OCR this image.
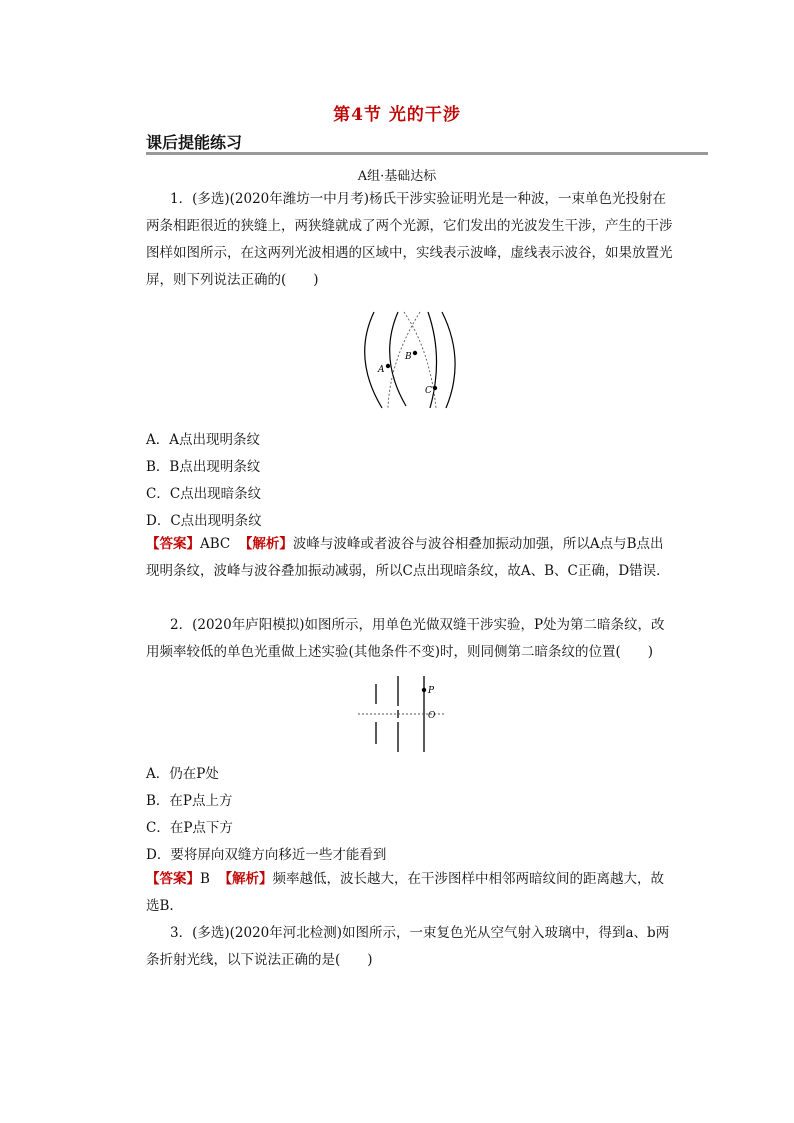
第4节 光的干涉
课后提能练习
A组·基础达标
1．(多选)(2020年潍坊一中月考)杨氏干涉实验证明光是一种波，一束单色光投射在两条相距很近的狭缝上，两狭缝就成了两个光源，它们发出的光波发生干涉，产生的干涉图样如图所示，在这两列光波相遇的区域中，实线表示波峰，虚线表示波谷，如果放置光屏，则下列说法正确的(　　)
A
B
C
A．A点出现明条纹
B．B点出现明条纹
C．C点出现暗条纹
D．C点出现明条纹
【答案】ABC 【解析】波峰与波峰或者波谷与波谷相叠加振动加强，所以A点与B点出现明条纹，波峰与波谷叠加振动减弱，所以C点出现暗条纹，故A、B、C正确，D错误．
2．(2020年庐阳模拟)如图所示，用单色光做双缝干涉实验，P处为第二暗条纹，改用频率较低的单色光重做上述实验(其他条件不变)时，则同侧第二暗条纹的位置(　　)
P
O
A．仍在P处
B．在P点上方
C．在P点下方
D．要将屏向双缝方向移近一些才能看到
【答案】B 【解析】频率越低，波长越大，在干涉图样中相邻两暗纹间的距离越大，故选B.
3．(多选)(2020年河北检测)如图所示，一束复色光从空气射入玻璃中，得到a、b两条折射光线，以下说法正确的是(　　)
